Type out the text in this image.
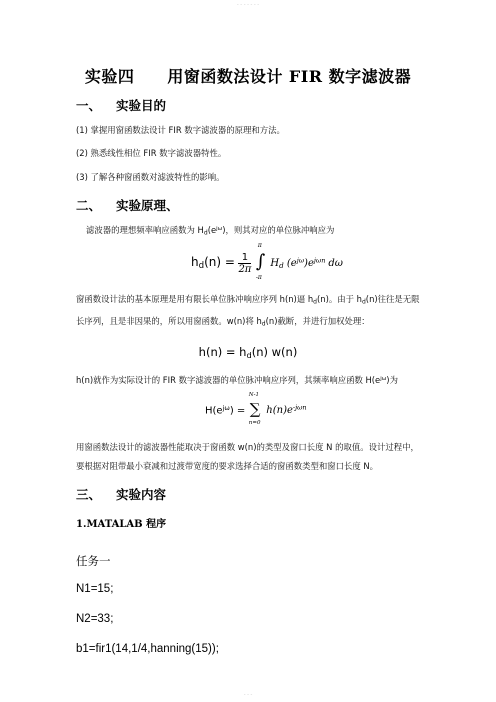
- - - - - - -
实验四　　用窗函数法设计 FIR 数字滤波器
一、 实验目的
(1) 掌握用窗函数法设计 FIR 数字滤波器的原理和方法。
(2) 熟悉线性相位 FIR 数字滤波器特性。
(3) 了解各种窗函数对滤波特性的影响。
二、 实验原理、
滤波器的理想频率响应函数为 $H_d(e^{j\omega})$，则其对应的单位脉冲响应为
$h_d(n) = \frac{1}{2\pi}$

π
∫
-π
$H_d$ $(e^{j\omega})e^{j\omega n}$ dω
窗函数设计法的基本原理是用有限长单位脉冲响应序列 h(n)逼 $h_d(n)$。由于 $h_d(n)$往往是无限长序列，且是非因果的，所以用窗函数。w(n)将 $h_d(n)$截断，并进行加权处理：
$h(n) = h_d(n)$ w(n)
h(n)就作为实际设计的 FIR 数字滤波器的单位脉冲响应序列，其频率响应函数 $H(e^{j\omega})$为
$H(e^{j\omega})$ =
N-1
∑
n=0
$h(n)e^{-j\omega n}$
用窗函数法设计的滤波器性能取决于窗函数 w(n)的类型及窗口长度 N 的取值。设计过程中，要根据对阻带最小衰减和过渡带宽度的要求选择合适的窗函数类型和窗口长度 N。
三、 实验内容
1.MATALAB 程序
任务一
N1=15;
N2=33;
b1=fir1(14,1/4,hanning(15));
- - -
